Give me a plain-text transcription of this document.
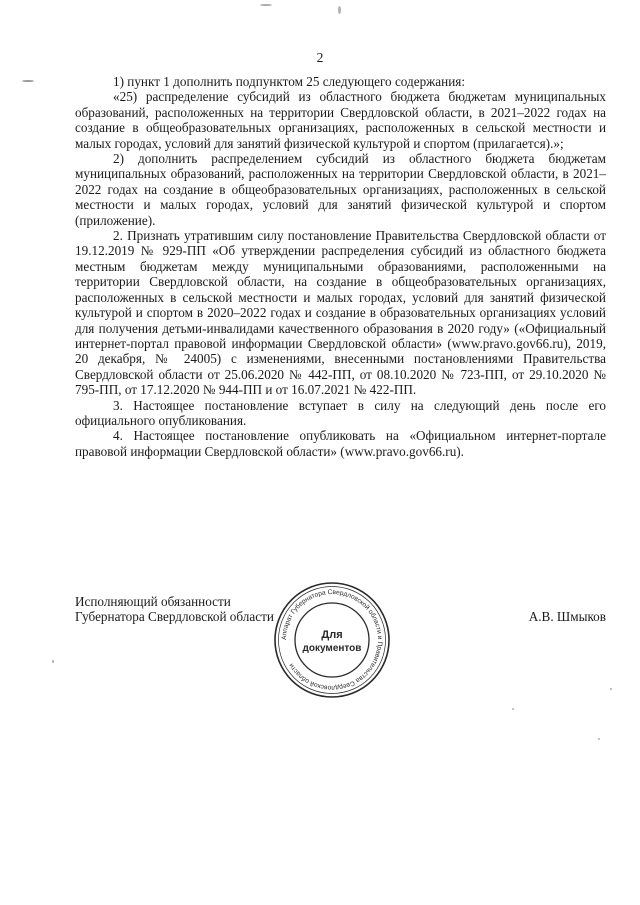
2

1) пункт 1 дополнить подпунктом 25 следующего содержания:

«25) распределение субсидий из областного бюджета бюджетам муниципальных образований, расположенных на территории Свердловской области, в 2021–2022 годах на создание в общеобразовательных организациях, расположенных в сельской местности и малых городах, условий для занятий физической культурой и спортом (прилагается).»;

2) дополнить распределением субсидий из областного бюджета бюджетам муниципальных образований, расположенных на территории Свердловской области, в 2021–2022 годах на создание в общеобразовательных организациях, расположенных в сельской местности и малых городах, условий для занятий физической культурой и спортом (приложение).

2. Признать утратившим силу постановление Правительства Свердловской области от 19.12.2019 № 929-ПП «Об утверждении распределения субсидий из областного бюджета местным бюджетам между муниципальными образованиями, расположенными на территории Свердловской области, на создание в общеобразовательных организациях, расположенных в сельской местности и малых городах, условий для занятий физической культурой и спортом в 2020–2022 годах и создание в образовательных организациях условий для получения детьми-инвалидами качественного образования в 2020 году» («Официальный интернет-портал правовой информации Свердловской области» (www.pravo.gov66.ru), 2019, 20 декабря, № 24005) с изменениями, внесенными постановлениями Правительства Свердловской области от 25.06.2020 № 442-ПП, от 08.10.2020 № 723-ПП, от 29.10.2020 № 795-ПП, от 17.12.2020 № 944-ПП и от 16.07.2021 № 422-ПП.

3. Настоящее постановление вступает в силу на следующий день после его официального опубликования.

4. Настоящее постановление опубликовать на «Официальном интернет-портале правовой информации Свердловской области» (www.pravo.gov66.ru).

Исполняющий обязанности
Губернатора Свердловской области	А.В. Шмыков
Аппарат Губернатора Свердловской области и Правительства Свердловской области
Для
документов
